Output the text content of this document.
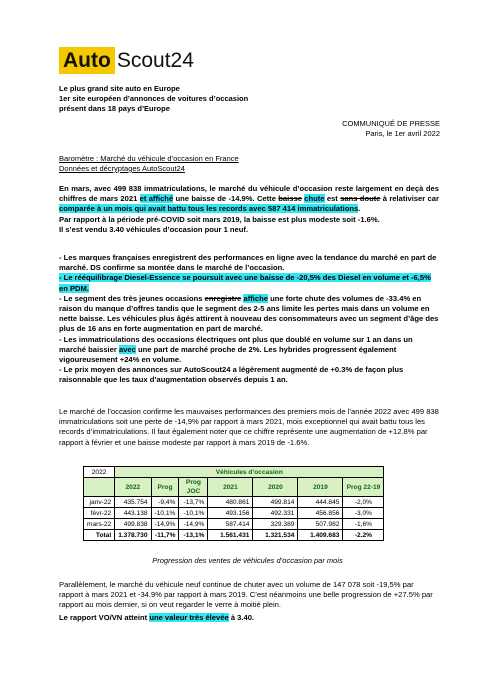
Auto Scout24
Le plus grand site auto en Europe
1er site européen d’annonces de voitures d’occasion
présent dans 18 pays d’Europe
COMMUNIQUÉ DE PRESSE
Paris, le 1er avril 2022
Baromètre : Marché du véhicule d’occasion en France
Données et décryptages AutoScout24
En mars, avec 499 838 immatriculations, le marché du véhicule d’occasion reste largement en deçà des chiffres de mars 2021 et affiché une baisse de -14.9%. Cette baisse chute est sans doute à relativiser car comparée à un mois qui avait battu tous les records avec 587 414 immatriculations.
Par rapport à la période pré-COVID soit mars 2019, la baisse est plus modeste soit -1.6%.
Il s’est vendu 3.40 véhicules d’occasion pour 1 neuf.
- Les marques françaises enregistrent des performances en ligne avec la tendance du marché en part de marché. DS confirme sa montée dans le marché de l’occasion.
- Le rééquilibrage Diesel-Essence se poursuit avec une baisse de -20,5% des Diesel en volume et -6,5% en PDM.
- Le segment des très jeunes occasions enregistre affiche une forte chute des volumes de -33.4% en raison du manque d’offres tandis que le segment des 2-5 ans limite les pertes mais dans un volume en nette baisse. Les véhicules plus âgés attirent à nouveau des consommateurs avec un segment d’âge des plus de 16 ans en forte augmentation en part de marché.
- Les immatriculations des occasions électriques ont plus que doublé en volume sur 1 an dans un marché baissier avec une part de marché proche de 2%. Les hybrides progressent également vigoureusement +24% en volume.
- Le prix moyen des annonces sur AutoScout24 a légèrement augmenté de +0.3% de façon plus raisonnable que les taux d’augmentation observés depuis 1 an.
Le marché de l’occasion confirme les mauvaises performances des premiers mois de l’année 2022 avec 499 838 immatriculations soit une perte de -14,9% par rapport à mars 2021, mois exceptionnel qui avait battu tous les records d’immatriculations. Il faut également noter que ce chiffre représente une augmentation de +12.8% par rapport à février et une baisse modeste par rapport à mars 2019 de -1.6%.
2022	Véhicules d’occasion						
	2022	Prog	Prog JOC	2021	2020	2019	Prog 22-19
janv-22	435.754	-9,4%	-13,7%	480.861	499.814	444.845	-2,0%
févr-22	443.138	-10,1%	-10,1%	493.156	492.331	456.856	-3,0%
mars-22	499.838	-14,9%	-14,9%	587.414	329.389	507.982	-1,6%
Total	1.378.730	-11,7%	-13,1%	1.561.431	1.321.534	1.409.683	-2.2%
Progression des ventes de véhicules d’occasion par mois
Parallèlement, le marché du véhicule neuf continue de chuter avec un volume de 147 078 soit -19,5% par rapport à mars 2021 et -34.9% par rapport à mars 2019. C’est néanmoins une belle progression de +27.5% par rapport au mois dernier, si on veut regarder le verre à moitié plein.
Le rapport VO/VN atteint une valeur très élevée à 3.40.
